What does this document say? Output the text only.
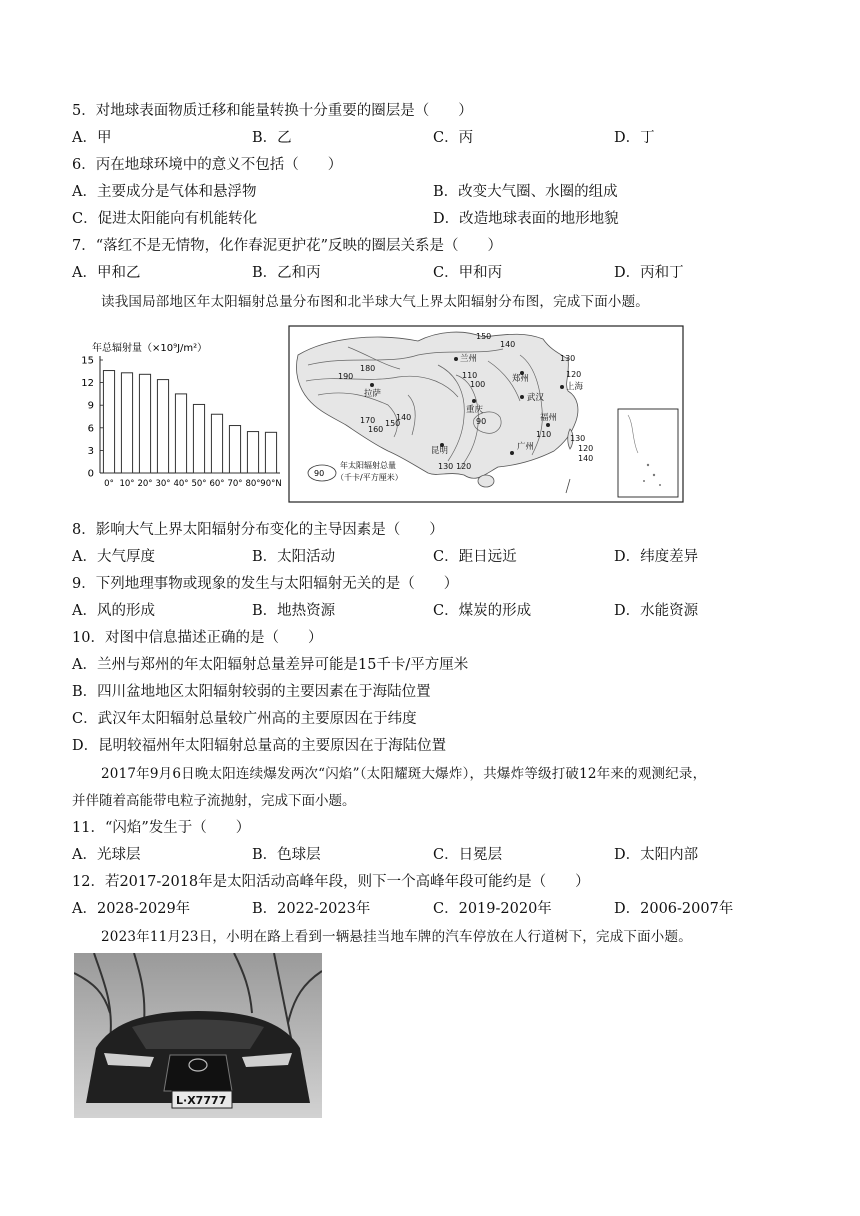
5．对地球表面物质迁移和能量转换十分重要的圈层是（　　）
A．甲	B．乙	C．丙	D．丁
6．丙在地球环境中的意义不包括（　　）
A．主要成分是气体和悬浮物	B．改变大气圈、水圈的组成
C．促进太阳能向有机能转化	D．改造地球表面的地形地貌
7．“落红不是无情物，化作春泥更护花”反映的圈层关系是（　　）
A．甲和乙	B．乙和丙	C．甲和丙	D．丙和丁
读我国局部地区年太阳辐射总量分布图和北半球大气上界太阳辐射分布图，完成下面小题。
年总辐射量（×10⁹J/m²）
0
3
6
9
12
15
0° 10° 20° 30° 40° 50° 60° 70° 80° 90°N
兰州
郑州
上海
拉萨	武汉
重庆
福州
广州
昆明
150
140
130
180
190	110
100
120
140
170
160
150	90
110
130 120
130
120
140
90
年太阳辐射总量
（千卡/平方厘米）
8．影响大气上界太阳辐射分布变化的主导因素是（　　）
A．大气厚度	B．太阳活动	C．距日远近	D．纬度差异
9．下列地理事物或现象的发生与太阳辐射无关的是（　　）
A．风的形成	B．地热资源	C．煤炭的形成	D．水能资源
10．对图中信息描述正确的是（　　）
A．兰州与郑州的年太阳辐射总量差异可能是15千卡/平方厘米
B．四川盆地地区太阳辐射较弱的主要因素在于海陆位置
C．武汉年太阳辐射总量较广州高的主要原因在于纬度
D．昆明较福州年太阳辐射总量高的主要原因在于海陆位置
2017年9月6日晚太阳连续爆发两次“闪焰”（太阳耀斑大爆炸），共爆炸等级打破12年来的观测纪录，
并伴随着高能带电粒子流抛射，完成下面小题。
11．“闪焰”发生于（　　）
A．光球层	B．色球层	C．日冕层	D．太阳内部
12．若2017-2018年是太阳活动高峰年段，则下一个高峰年段可能约是（　　）
A．2028-2029年	B．2022-2023年	C．2019-2020年	D．2006-2007年
2023年11月23日，小明在路上看到一辆悬挂当地车牌的汽车停放在人行道树下，完成下面小题。
L·X7777
